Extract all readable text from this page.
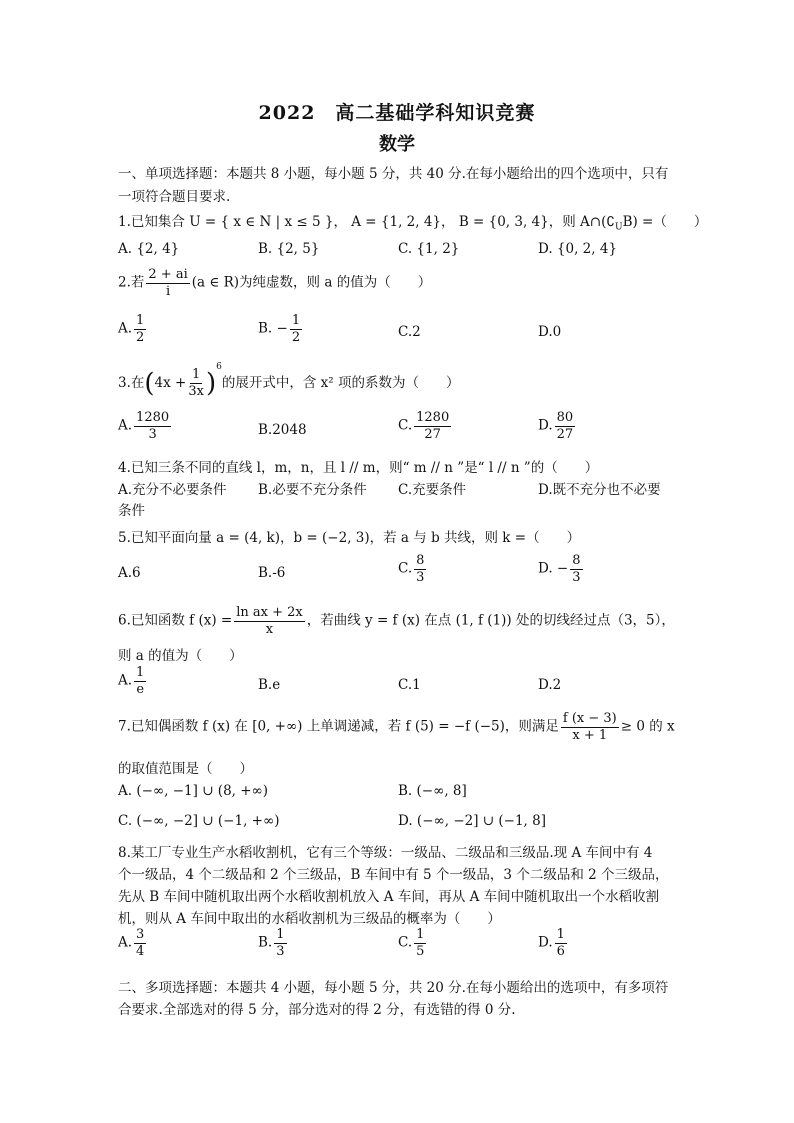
2022　高二基础学科知识竞赛
数学
一、单项选择题：本题共 8 小题，每小题 5 分，共 40 分.在每小题给出的四个选项中，只有
一项符合题目要求.
1.已知集合 U = { x ∈ N | x ≤ 5 }， A = {1, 2, 4}， B = {0, 3, 4}，则 $A\cap(∁_UB)$ =（　　）
A. {2, 4}	B. {2, 5}	C. {1, 2}	D. {0, 2, 4}
2.若 $\frac{2 + ai}{i} (a$ ∈ R)为纯虚数，则 a 的值为（　　）
A. $\frac{1}{2}$	B. − $\frac{1}{2}$	C.2	D.0
3.在$(4x + \frac{1}{3x} )^6$的展开式中，含 x² 项的系数为（　　）
A. $\frac{1280}{3}$	B.2048	C. $\frac{1280}{27}$	D. $\frac{80}{27}$
4.已知三条不同的直线 l，m，n，且 l // m，则“ m // n ”是“ l // n ”的（　　）
A.充分不必要条件 B.必要不充分条件 C.充要条件	D.既不充分也不必要
条件
5.已知平面向量 a = (4, k)，b = (−2, 3)，若 a 与 b 共线，则 k =（　　）
A.6	B.-6	C. $\frac{8}{3}$	D. − $\frac{8}{3}$
6.已知函数 f $(x) = \frac{\text{ln ax + 2x}}{x}$ ，若曲线 y = f (x) 在点 (1, f (1)) 处的切线经过点（3，5），
则 a 的值为（　　）
A. $\frac{1}{e}$	B.e	C.1	D.2
7.已知偶函数 f (x) 在 [0, +∞) 上单调递减，若 f (5) = −f (−5)，则满足 $\frac{f (x - 3)}{x + 1} \ge 0$ 的 x
的取值范围是（　　）
A. (−∞, −1] ∪ (8, +∞)	B. (−∞, 8]
C. (−∞, −2] ∪ (−1, +∞)	D. (−∞, −2] ∪ (−1, 8]
8.某工厂专业生产水稻收割机，它有三个等级：一级品、二级品和三级品.现 A 车间中有 4
个一级品，4 个二级品和 2 个三级品，B 车间中有 5 个一级品，3 个二级品和 2 个三级品，
先从 B 车间中随机取出两个水稻收割机放入 A 车间，再从 A 车间中随机取出一个水稻收割
机，则从 A 车间中取出的水稻收割机为三级品的概率为（　　）
A. $\frac{3}{4}$	B. $\frac{1}{3}$	C. $\frac{1}{5}$	D. $\frac{1}{6}$
二、多项选择题：本题共 4 小题，每小题 5 分，共 20 分.在每小题给出的选项中，有多项符
合要求.全部选对的得 5 分，部分选对的得 2 分，有选错的得 0 分.
